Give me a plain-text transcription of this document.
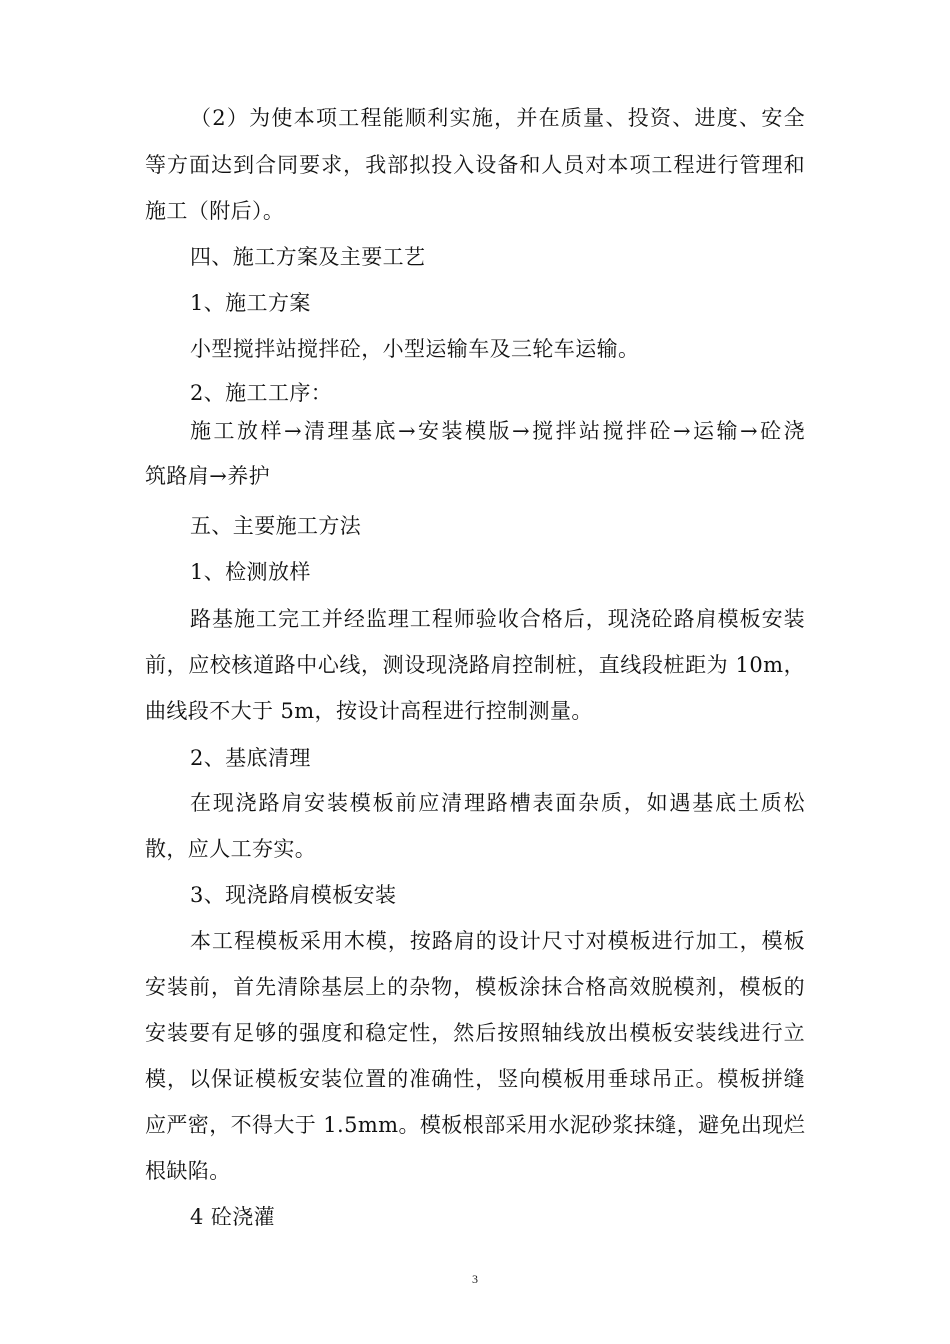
（2）为使本项工程能顺利实施，并在质量、投资、进度、安全
等方面达到合同要求，我部拟投入设备和人员对本项工程进行管理和
施工（附后）。
四、施工方案及主要工艺
1、施工方案
小型搅拌站搅拌砼，小型运输车及三轮车运输。
2、施工工序：
施工放样→清理基底→安装模版→搅拌站搅拌砼→运输→砼浇
筑路肩→养护
五、主要施工方法
1、检测放样
路基施工完工并经监理工程师验收合格后，现浇砼路肩模板安装
前，应校核道路中心线，测设现浇路肩控制桩，直线段桩距为 10m，
曲线段不大于 5m，按设计高程进行控制测量。
2、基底清理
在现浇路肩安装模板前应清理路槽表面杂质，如遇基底土质松
散，应人工夯实。
3、现浇路肩模板安装
本工程模板采用木模，按路肩的设计尺寸对模板进行加工，模板
安装前，首先清除基层上的杂物，模板涂抹合格高效脱模剂，模板的
安装要有足够的强度和稳定性，然后按照轴线放出模板安装线进行立
模，以保证模板安装位置的准确性，竖向模板用垂球吊正。模板拼缝
应严密，不得大于 1.5mm。模板根部采用水泥砂浆抹缝，避免出现烂
根缺陷。
4 砼浇灌
3
